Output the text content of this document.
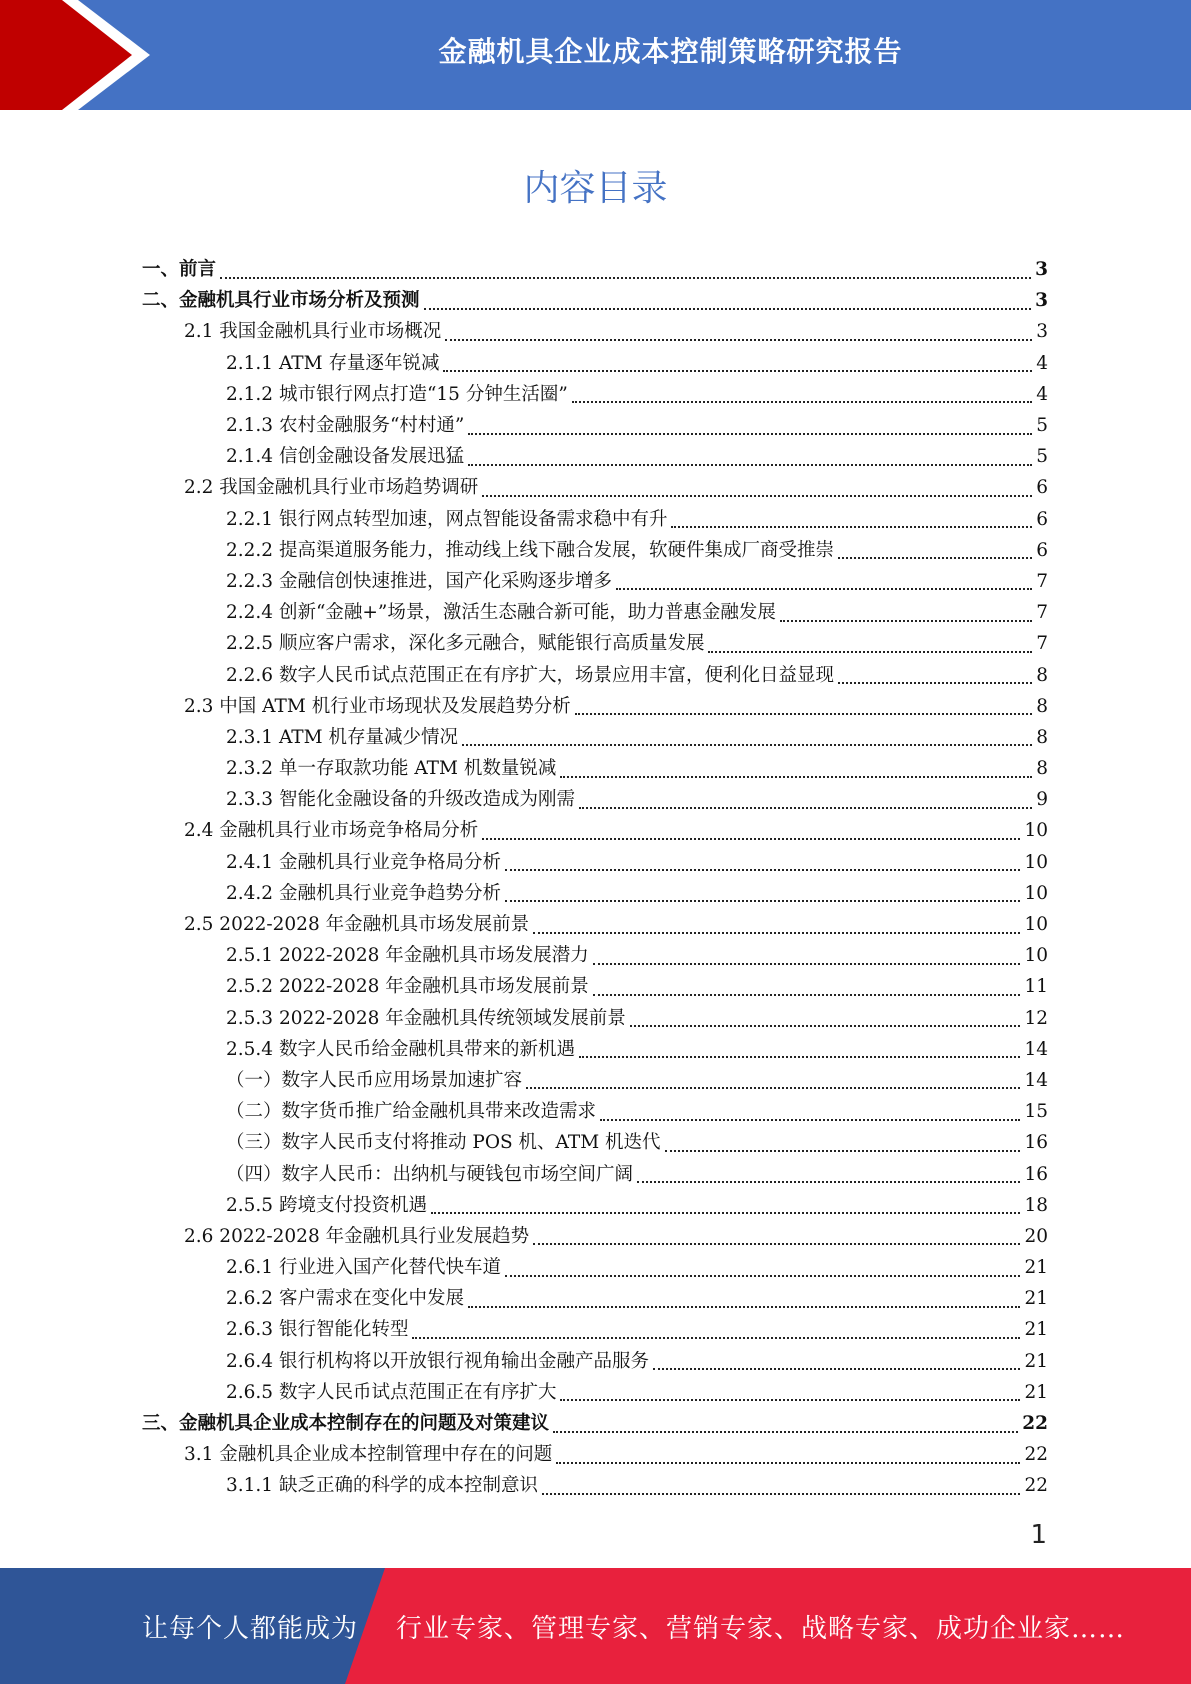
金融机具企业成本控制策略研究报告
内容目录
一、前言	3
二、金融机具行业市场分析及预测	3
2.1 我国金融机具行业市场概况	3
2.1.1 ATM 存量逐年锐减	4
2.1.2 城市银行网点打造“15 分钟生活圈”	4
2.1.3 农村金融服务“村村通”	5
2.1.4 信创金融设备发展迅猛	5
2.2 我国金融机具行业市场趋势调研	6
2.2.1 银行网点转型加速，网点智能设备需求稳中有升	6
2.2.2 提高渠道服务能力，推动线上线下融合发展，软硬件集成厂商受推崇	6
2.2.3 金融信创快速推进，国产化采购逐步增多	7
2.2.4 创新“金融+”场景，激活生态融合新可能，助力普惠金融发展	7
2.2.5 顺应客户需求，深化多元融合，赋能银行高质量发展	7
2.2.6 数字人民币试点范围正在有序扩大，场景应用丰富，便利化日益显现	8
2.3 中国 ATM 机行业市场现状及发展趋势分析	8
2.3.1 ATM 机存量减少情况	8
2.3.2 单一存取款功能 ATM 机数量锐减	8
2.3.3 智能化金融设备的升级改造成为刚需	9
2.4 金融机具行业市场竞争格局分析	10
2.4.1 金融机具行业竞争格局分析	10
2.4.2 金融机具行业竞争趋势分析	10
2.5 2022-2028 年金融机具市场发展前景	10
2.5.1 2022-2028 年金融机具市场发展潜力	10
2.5.2 2022-2028 年金融机具市场发展前景	11
2.5.3 2022-2028 年金融机具传统领域发展前景	12
2.5.4 数字人民币给金融机具带来的新机遇	14
（一）数字人民币应用场景加速扩容	14
（二）数字货币推广给金融机具带来改造需求	15
（三）数字人民币支付将推动 POS 机、ATM 机迭代	16
（四）数字人民币：出纳机与硬钱包市场空间广阔	16
2.5.5 跨境支付投资机遇	18
2.6 2022-2028 年金融机具行业发展趋势	20
2.6.1 行业进入国产化替代快车道	21
2.6.2 客户需求在变化中发展	21
2.6.3 银行智能化转型	21
2.6.4 银行机构将以开放银行视角输出金融产品服务	21
2.6.5 数字人民币试点范围正在有序扩大	21
三、金融机具企业成本控制存在的问题及对策建议	22
3.1 金融机具企业成本控制管理中存在的问题	22
3.1.1 缺乏正确的科学的成本控制意识	22
1
让每个人都能成为 行业专家、管理专家、营销专家、战略专家、成功企业家……
